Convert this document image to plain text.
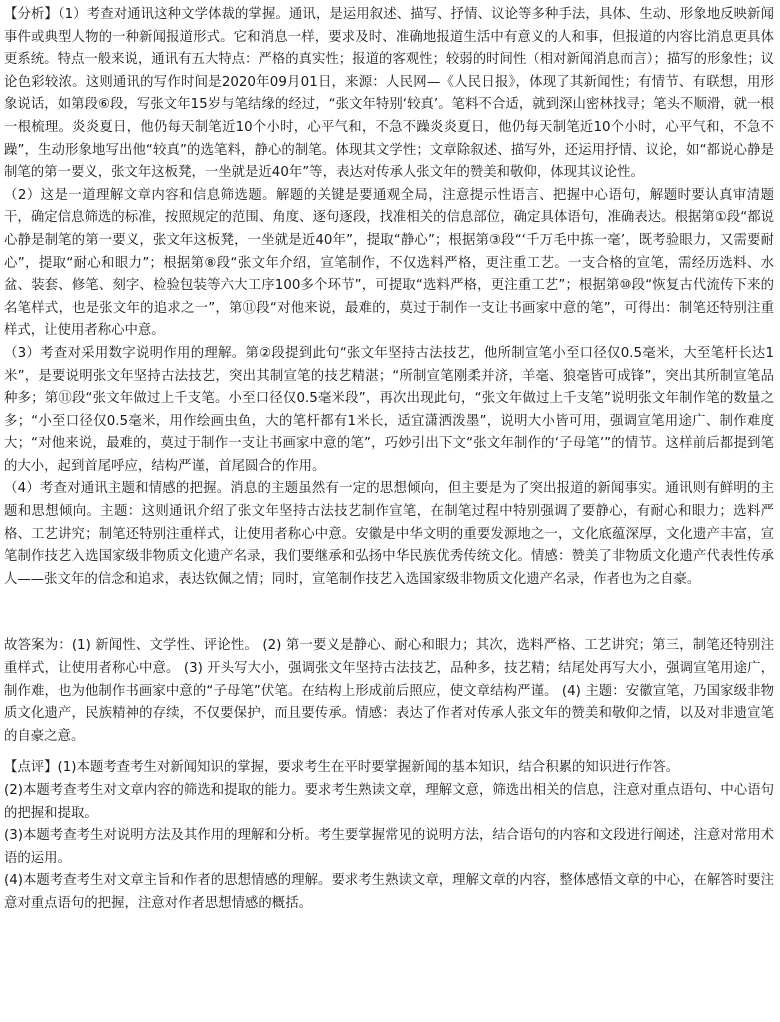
【分析】（1）考查对通讯这种文学体裁的掌握。通讯，是运用叙述、描写、抒情、议论等多种手法，具体、生动、形象地反映新闻事件或典型人物的一种新闻报道形式。它和消息一样，要求及时、准确地报道生活中有意义的人和事，但报道的内容比消息更具体更系统。特点一般来说，通讯有五大特点：严格的真实性；报道的客观性；较弱的时间性（相对新闻消息而言）；描写的形象性；议论色彩较浓。这则通讯的写作时间是2020年09月01日，来源：人民网—《人民日报》，体现了其新闻性；有情节、有联想，用形象说话，如第段⑥段，写张文年15岁与笔结缘的经过，“张文年特别‘较真’。笔料不合适，就到深山密林找寻；笔头不顺滑，就一根一根梳理。炎炎夏日，他仍每天制笔近10个小时，心平气和，不急不躁炎炎夏日，他仍每天制笔近10个小时，心平气和，不急不躁”，生动形象地写出他“较真”的选笔料，静心的制笔。体现其文学性；文章除叙述、描写外，还运用抒情、议论，如“都说心静是制笔的第一要义，张文年这板凳，一坐就是近40年”等，表达对传承人张文年的赞美和敬仰，体现其议论性。

（2）这是一道理解文章内容和信息筛选题。解题的关键是要通观全局，注意提示性语言、把握中心语句，解题时要认真审清题干，确定信息筛选的标准，按照规定的范围、角度、逐句逐段，找准相关的信息部位，确定具体语句，准确表达。根据第①段“都说心静是制笔的第一要义，张文年这板凳，一坐就是近40年”，提取“静心”；根据第③段“‘千万毛中拣一毫’，既考验眼力，又需要耐心”，提取“耐心和眼力”；根据第⑧段“张文年介绍，宣笔制作，不仅选料严格，更注重工艺。一支合格的宣笔，需经历选料、水盆、装套、修笔、刻字、检验包装等六大工序100多个环节”，可提取“选料严格，更注重工艺”；根据第⑩段“恢复古代流传下来的名笔样式，也是张文年的追求之一”，第⑪段“对他来说，最难的，莫过于制作一支让书画家中意的笔”，可得出：制笔还特别注重样式，让使用者称心中意。

（3）考查对采用数字说明作用的理解。第②段提到此句“张文年坚持古法技艺，他所制宣笔小至口径仅0.5毫米，大至笔杆长达1米”，是要说明张文年坚持古法技艺，突出其制宣笔的技艺精湛；“所制宣笔刚柔并济，羊毫、狼毫皆可成锋”，突出其所制宣笔品种多；第⑪段“张文年做过上千支笔。小至口径仅0.5毫米段”，再次出现此句，“张文年做过上千支笔”说明张文年制作笔的数量之多；“小至口径仅0.5毫米，用作绘画虫鱼，大的笔杆都有1米长，适宜潇洒泼墨”，说明大小皆可用，强调宣笔用途广、制作难度大；“对他来说，最难的，莫过于制作一支让书画家中意的笔”，巧妙引出下文“张文年制作的‘子母笔’”的情节。这样前后都提到笔的大小，起到首尾呼应，结构严谨，首尾圆合的作用。

（4）考查对通讯主题和情感的把握。消息的主题虽然有一定的思想倾向，但主要是为了突出报道的新闻事实。通讯则有鲜明的主题和思想倾向。主题：这则通讯介绍了张文年坚持古法技艺制作宣笔，在制笔过程中特别强调了要静心，有耐心和眼力；选料严格、工艺讲究；制笔还特别注重样式，让使用者称心中意。安徽是中华文明的重要发源地之一，文化底蕴深厚，文化遗产丰富，宣笔制作技艺入选国家级非物质文化遗产名录，我们要继承和弘扬中华民族优秀传统文化。情感：赞美了非物质文化遗产代表性传承人——张文年的信念和追求，表达钦佩之情；同时，宣笔制作技艺入选国家级非物质文化遗产名录，作者也为之自豪。

故答案为：(1) 新闻性、文学性、评论性。 (2) 第一要义是静心、耐心和眼力；其次，选料严格、工艺讲究；第三，制笔还特别注重样式，让使用者称心中意。 (3) 开头写大小，强调张文年坚持古法技艺，品种多，技艺精；结尾处再写大小，强调宣笔用途广，制作难，也为他制作书画家中意的“子母笔”伏笔。在结构上形成前后照应，使文章结构严谨。 (4) 主题：安徽宣笔，乃国家级非物质文化遗产，民族精神的存续，不仅要保护，而且要传承。情感：表达了作者对传承人张文年的赞美和敬仰之情，以及对非遗宣笔的自豪之意。

【点评】(1)本题考查考生对新闻知识的掌握，要求考生在平时要掌握新闻的基本知识，结合积累的知识进行作答。

(2)本题考查考生对文章内容的筛选和提取的能力。要求考生熟读文章，理解文意，筛选出相关的信息，注意对重点语句、中心语句的把握和提取。

(3)本题考查考生对说明方法及其作用的理解和分析。考生要掌握常见的说明方法，结合语句的内容和文段进行阐述，注意对常用术语的运用。

(4)本题考查考生对文章主旨和作者的思想情感的理解。要求考生熟读文章，理解文章的内容，整体感悟文章的中心，在解答时要注意对重点语句的把握，注意对作者思想情感的概括。
